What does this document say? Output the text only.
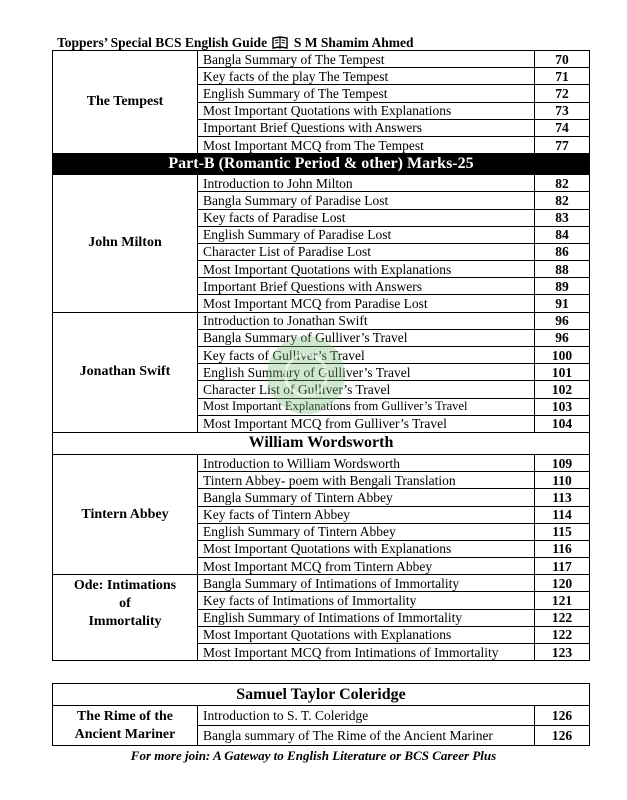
Toppers’ Special BCS English Guide S M Shamim Ahmed
The Tempest	Bangla Summary of The Tempest	70
	Key facts of the play The Tempest	71
	English Summary of The Tempest	72
	Most Important Quotations with Explanations	73
	Important Brief Questions with Answers	74
	Most Important MCQ from The Tempest	77
Part-B (Romantic Period & other) Marks-25		
John Milton	Introduction to John Milton	82
	Bangla Summary of Paradise Lost	82
	Key facts of Paradise Lost	83
	English Summary of Paradise Lost	84
	Character List of Paradise Lost	86
	Most Important Quotations with Explanations	88
	Important Brief Questions with Answers	89
	Most Important MCQ from Paradise Lost	91
Jonathan Swift	Introduction to Jonathan Swift	96
	Bangla Summary of Gulliver’s Travel	96
	Key facts of Gulliver’s Travel	100
	English Summary of Gulliver’s Travel	101
	Character List of Gulliver’s Travel	102
	Most Important Explanations from Gulliver’s Travel	103
	Most Important MCQ from Gulliver’s Travel	104
William Wordsworth		
Tintern Abbey	Introduction to William Wordsworth	109
	Tintern Abbey- poem with Bengali Translation	110
	Bangla Summary of Tintern Abbey	113
	Key facts of Tintern Abbey	114
	English Summary of Tintern Abbey	115
	Most Important Quotations with Explanations	116
	Most Important MCQ from Tintern Abbey	117

Ode: Intimations
of
Immortality	Bangla Summary of Intimations of Immortality	120
	Key facts of Intimations of Immortality	121
	English Summary of Intimations of Immortality	122
	Most Important Quotations with Explanations	122
	Most Important MCQ from Intimations of Immortality	123
Samuel Taylor Coleridge		

The Rime of the
Ancient Mariner	Introduction to S. T. Coleridge	126
	Bangla summary of The Rime of the Ancient Mariner	126
For more join: A Gateway to English Literature or BCS Career Plus
